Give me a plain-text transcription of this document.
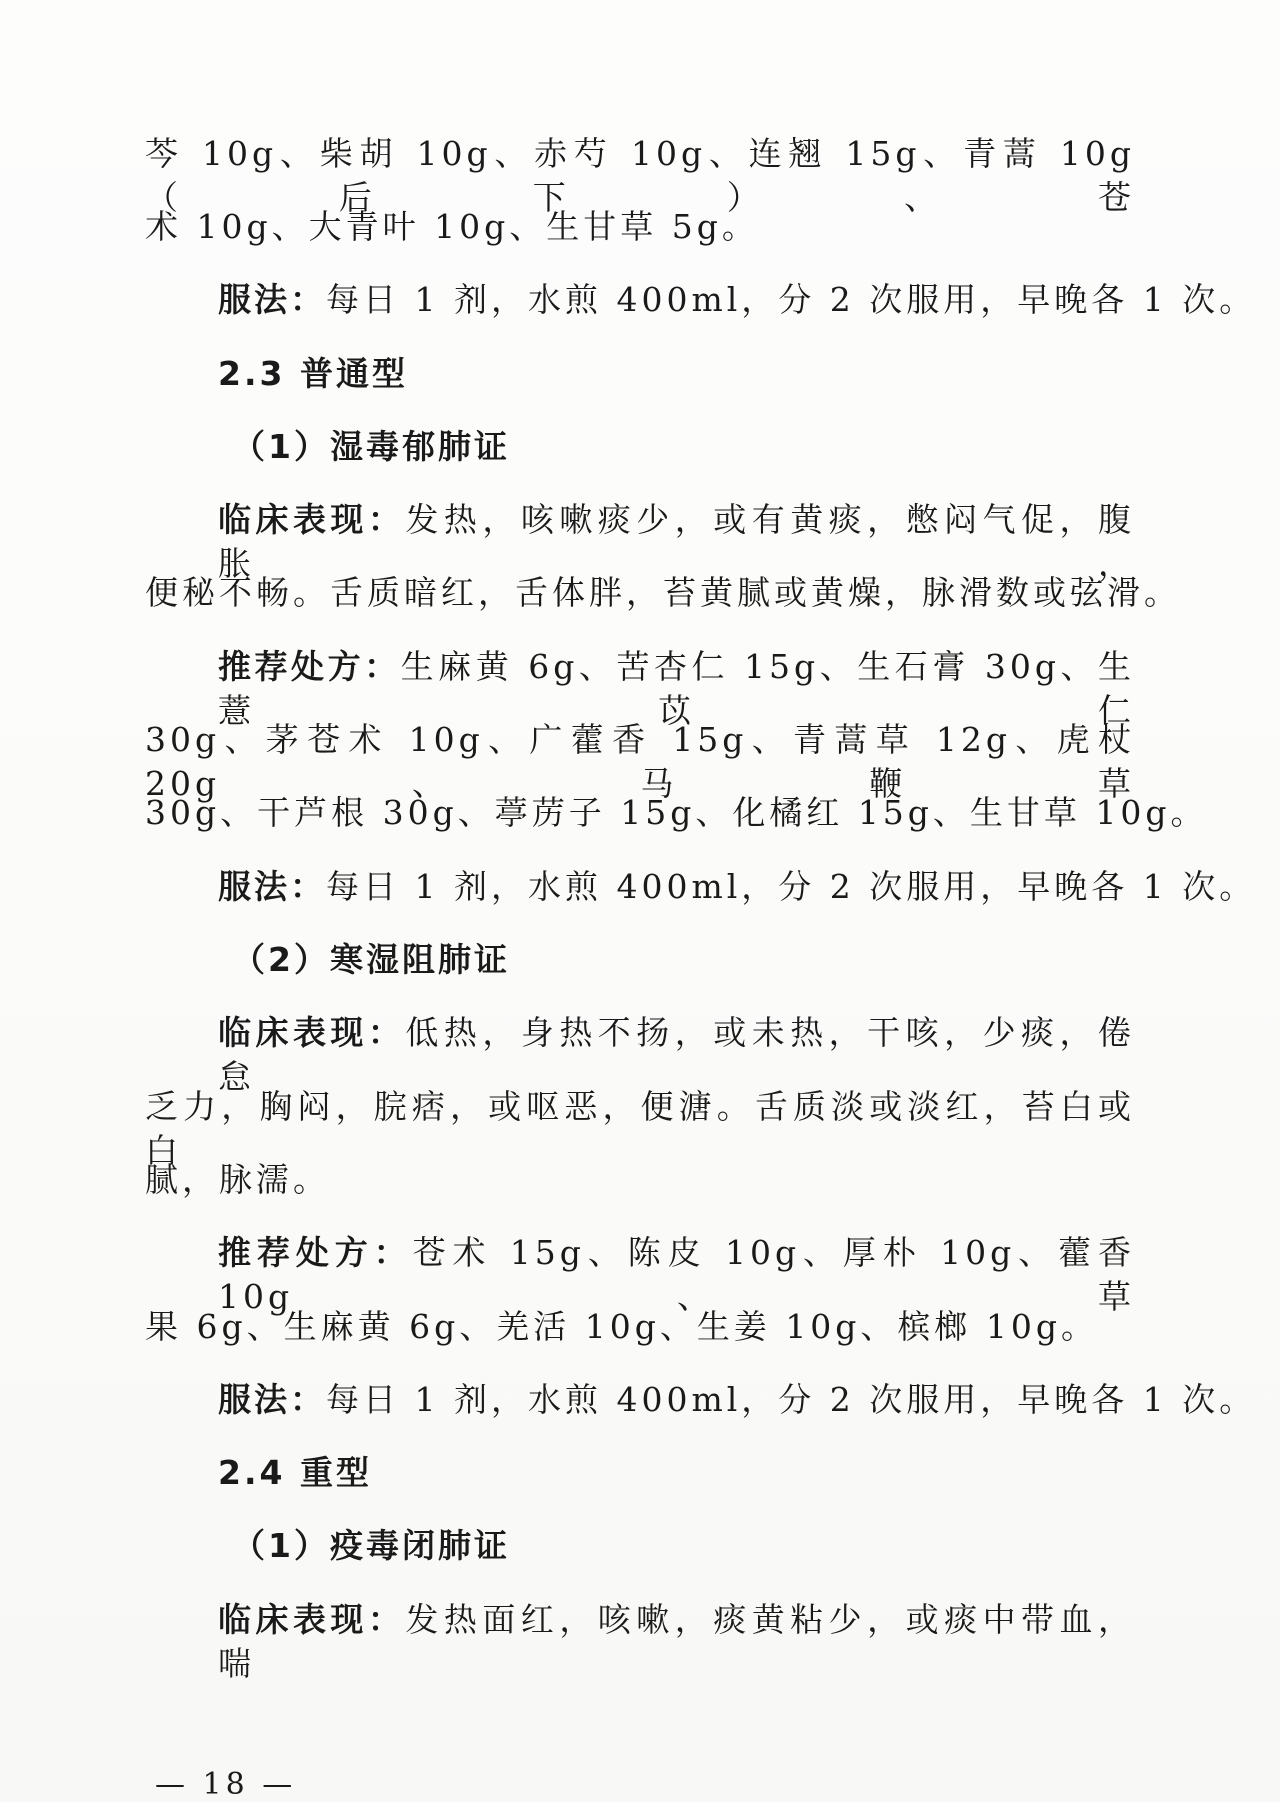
芩 10g、柴胡 10g、赤芍 10g、连翘 15g、青蒿 10g（后下）、苍
术 10g、大青叶 10g、生甘草 5g。
服法：每日 1 剂，水煎 400ml，分 2 次服用，早晚各 1 次。
2.3 普通型
（1）湿毒郁肺证
临床表现：发热，咳嗽痰少，或有黄痰，憋闷气促，腹胀，
便秘不畅。舌质暗红，舌体胖，苔黄腻或黄燥，脉滑数或弦滑。
推荐处方：生麻黄 6g、苦杏仁 15g、生石膏 30g、生薏苡仁
30g、茅苍术 10g、广藿香 15g、青蒿草 12g、虎杖 20g、马鞭草
30g、干芦根 30g、葶苈子 15g、化橘红 15g、生甘草 10g。
服法：每日 1 剂，水煎 400ml，分 2 次服用，早晚各 1 次。
（2）寒湿阻肺证
临床表现：低热，身热不扬，或未热，干咳，少痰，倦怠
乏力，胸闷，脘痞，或呕恶，便溏。舌质淡或淡红，苔白或白
腻，脉濡。
推荐处方：苍术 15g、陈皮 10g、厚朴 10g、藿香 10g、草
果 6g、生麻黄 6g、羌活 10g、生姜 10g、槟榔 10g。
服法：每日 1 剂，水煎 400ml，分 2 次服用，早晚各 1 次。
2.4 重型
（1）疫毒闭肺证
临床表现：发热面红，咳嗽，痰黄粘少，或痰中带血，喘
— 18 —
